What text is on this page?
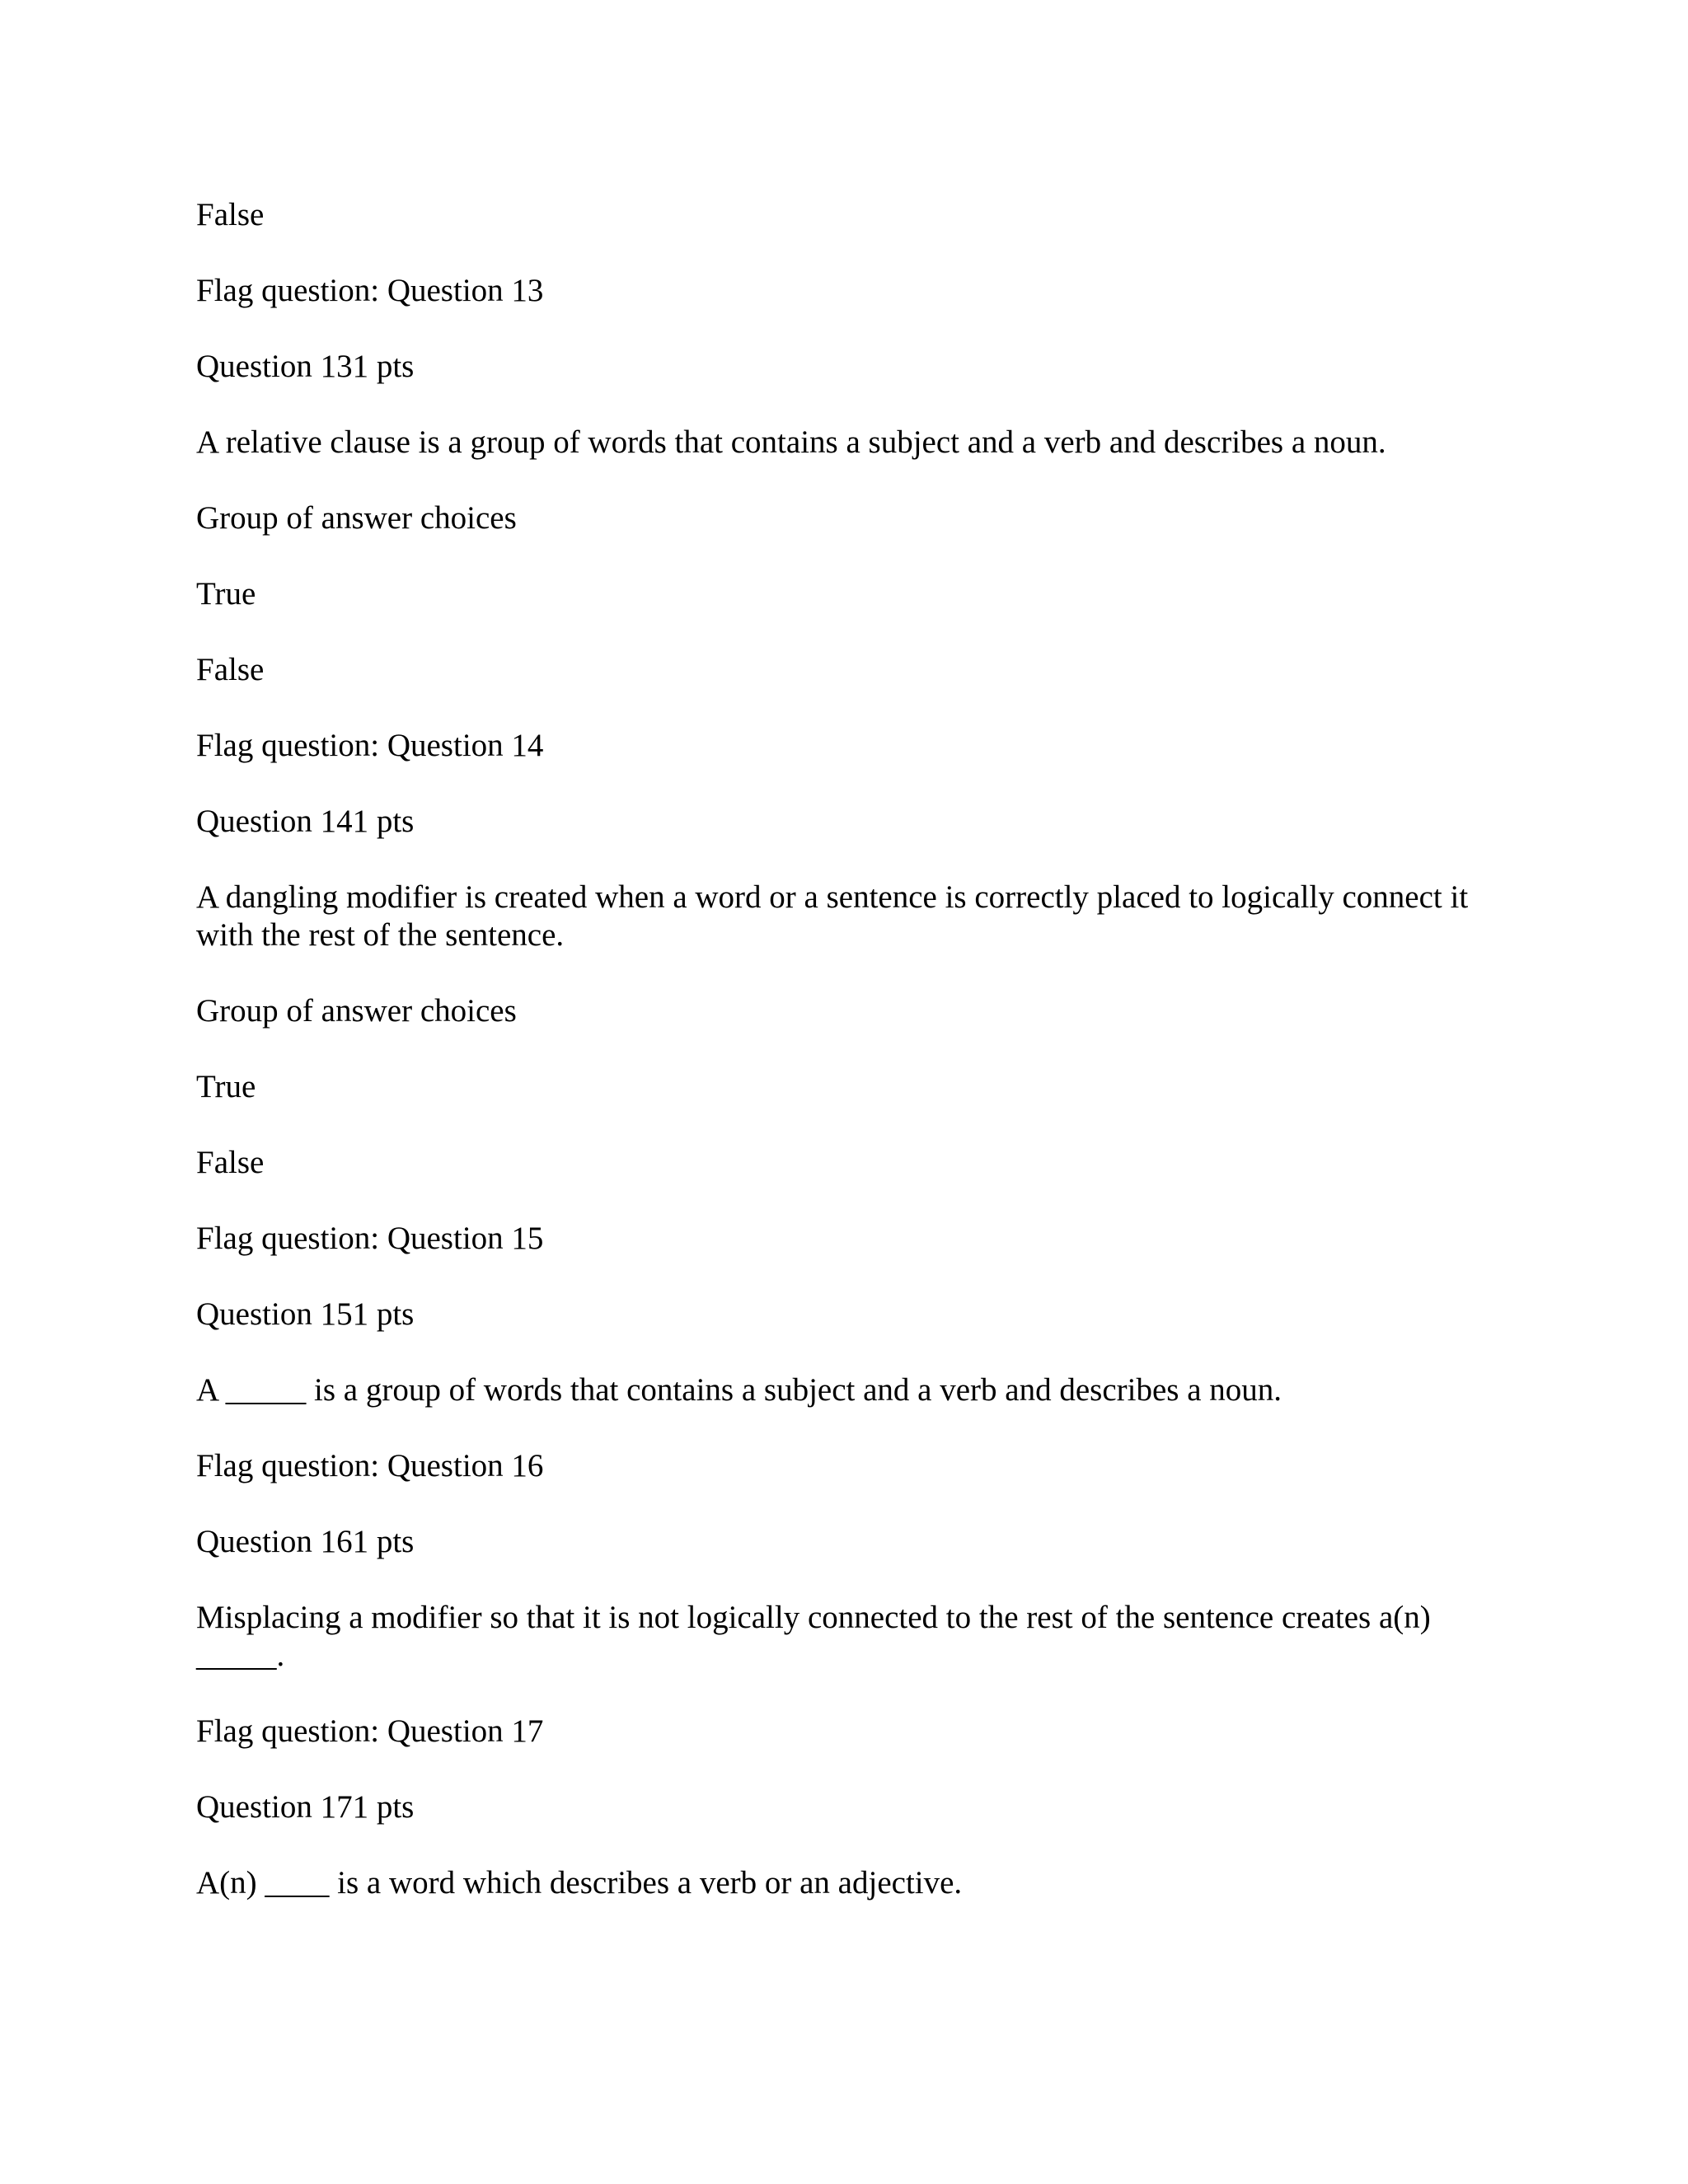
False

Flag question: Question 13

Question 131 pts

A relative clause is a group of words that contains a subject and a verb and describes a noun.

Group of answer choices

True

False

Flag question: Question 14

Question 141 pts

A dangling modifier is created when a word or a sentence is correctly placed to logically connect it with the rest of the sentence.

Group of answer choices

True

False

Flag question: Question 15

Question 151 pts

A _____ is a group of words that contains a subject and a verb and describes a noun.

Flag question: Question 16

Question 161 pts

Misplacing a modifier so that it is not logically connected to the rest of the sentence creates a(n) _____.

Flag question: Question 17

Question 171 pts

A(n) ____ is a word which describes a verb or an adjective.
